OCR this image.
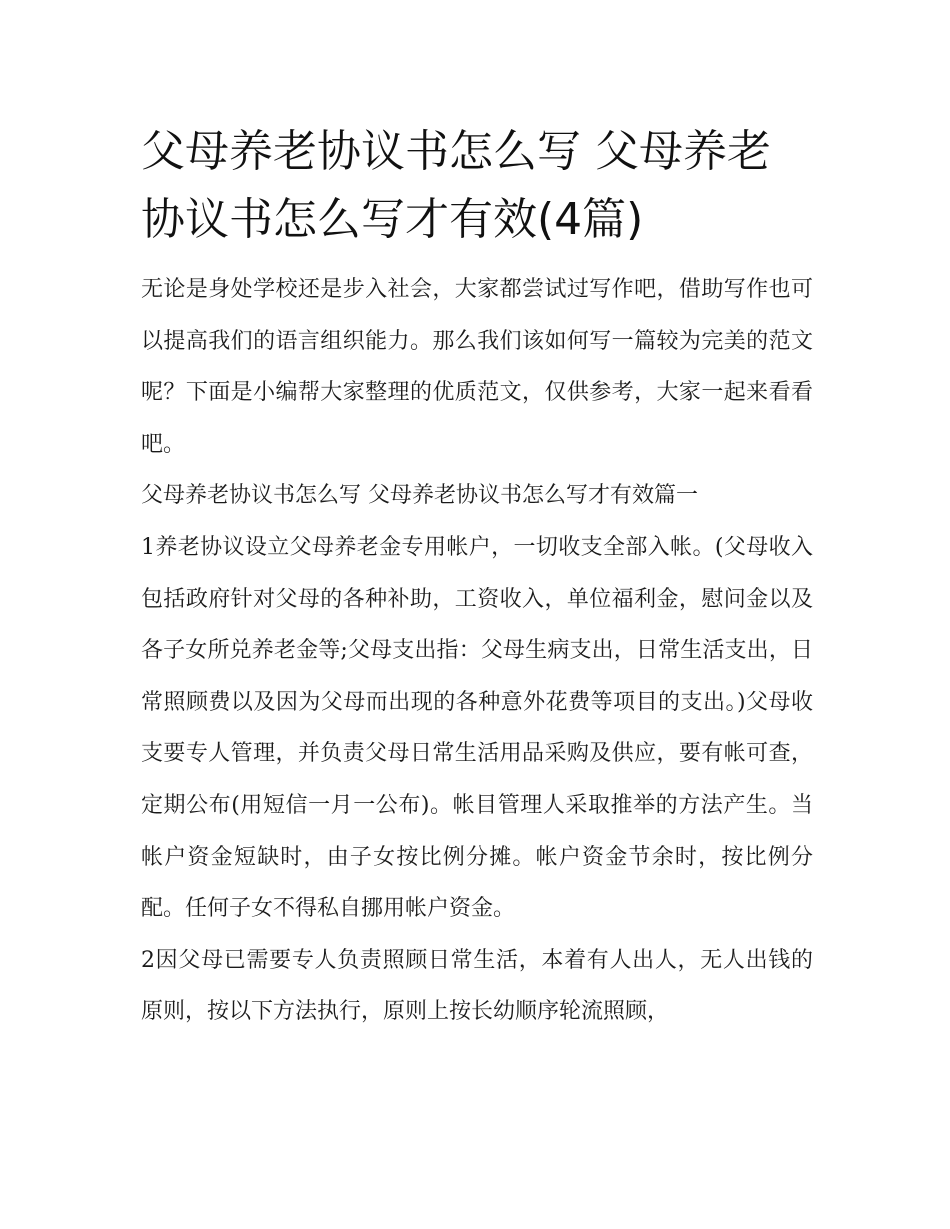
父母养老协议书怎么写 父母养老协议书怎么写才有效(4篇)

无论是身处学校还是步入社会，大家都尝试过写作吧，借助写作也可以提高我们的语言组织能力。那么我们该如何写一篇较为完美的范文呢？下面是小编帮大家整理的优质范文，仅供参考，大家一起来看看吧。

父母养老协议书怎么写 父母养老协议书怎么写才有效篇一

1养老协议设立父母养老金专用帐户，一切收支全部入帐。(父母收入包括政府针对父母的各种补助，工资收入，单位福利金，慰问金以及各子女所兑养老金等;父母支出指：父母生病支出，日常生活支出，日常照顾费以及因为父母而出现的各种意外花费等项目的支出。)父母收支要专人管理，并负责父母日常生活用品采购及供应，要有帐可查，定期公布(用短信一月一公布)。帐目管理人采取推举的方法产生。当帐户资金短缺时，由子女按比例分摊。帐户资金节余时，按比例分配。任何子女不得私自挪用帐户资金。

2因父母已需要专人负责照顾日常生活，本着有人出人，无人出钱的原则，按以下方法执行，原则上按长幼顺序轮流照顾，
